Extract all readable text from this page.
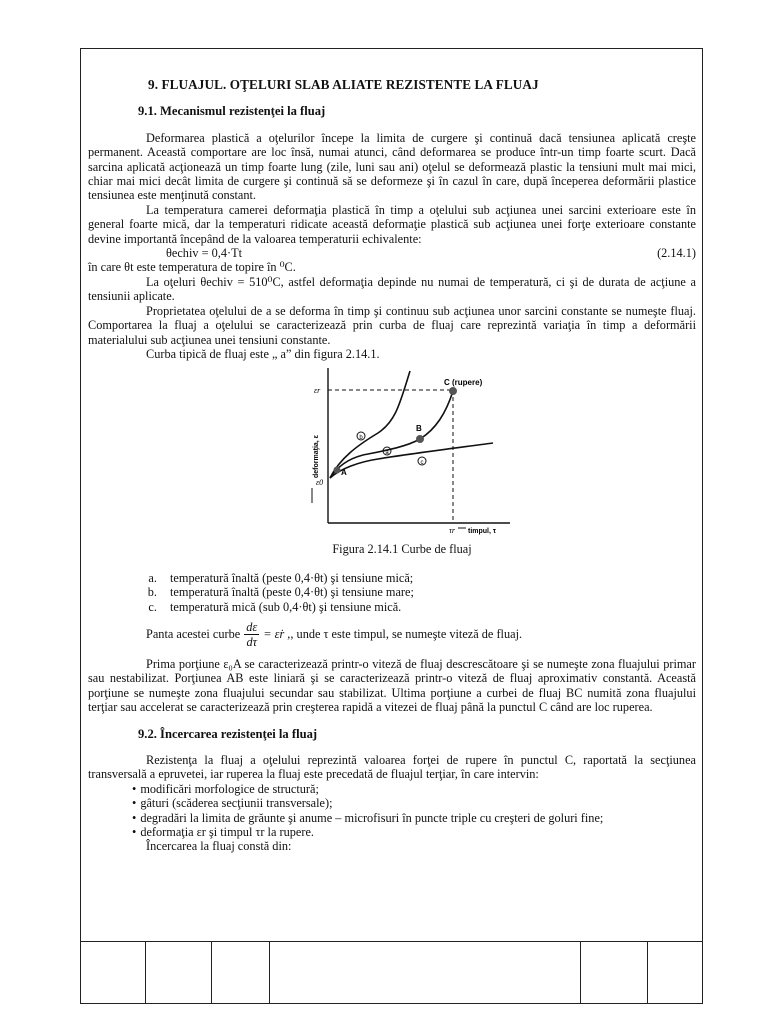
9. FLUAJUL. OŢELURI SLAB ALIATE REZISTENTE LA FLUAJ
9.1. Mecanismul rezistenţei la fluaj

Deformarea plastică a oţelurilor începe la limita de curgere şi continuă dacă tensiunea aplicată creşte permanent. Această comportare are loc însă, numai atunci, când deformarea se produce într-un timp foarte scurt. Dacă sarcina aplicată acţionează un timp foarte lung (zile, luni sau ani) oţelul se deformează plastic la tensiuni mult mai mici, chiar mai mici decât limita de curgere şi continuă să se deformeze şi în cazul în care, după începerea deformării plastice tensiunea este menţinută constant.

La temperatura camerei deformaţia plastică în timp a oţelului sub acţiunea unei sarcini exterioare este în general foarte mică, dar la temperaturi ridicate această deformaţie plastică sub acţiunea unei forţe exterioare constante devine importantă începând de la valoarea temperaturii echivalente:

θechiv = 0,4·Tt	(2.14.1)

în care θt este temperatura de topire în ⁰C.

La oţeluri θechiv = 510⁰C, astfel deformaţia depinde nu numai de temperatură, ci şi de durata de acţiune a tensiunii aplicate.

Proprietatea oţelului de a se deforma în timp şi continuu sub acţiunea unor sarcini constante se numeşte fluaj. Comportarea la fluaj a oţelului se caracterizează prin curba de fluaj care reprezintă variaţia în timp a deformării materialului sub acţiunea unei tensiuni constante.

Curba tipică de fluaj este „ a” din figura 2.14.1.

b
a
c
C (rupere)
B
A
εr
ε0
τr timpul, τ
deformaţia, ε
Figura 2.14.1 Curbe de fluaj
a. temperatură înaltă (peste 0,4·θt) şi tensiune mică;
b. temperatură înaltă (peste 0,4·θt) şi tensiune mare;
c. temperatură mică (sub 0,4·θt) şi tensiune mică.
Panta acestei curbe $\frac{d\varepsilon}{d\tau}$ = ε̇r , , unde τ este timpul, se numeşte viteză de fluaj.

Prima porţiune ε₀A se caracterizează printr-o viteză de fluaj descrescătoare şi se numeşte zona fluajului primar sau nestabilizat. Porţiunea AB este liniară şi se caracterizează printr-o viteză de fluaj aproximativ constantă. Această porţiune se numeşte zona fluajului secundar sau stabilizat. Ultima porţiune a curbei de fluaj BC numită zona fluajului terţiar sau accelerat se caracterizează prin creşterea rapidă a vitezei de fluaj până la punctul C când are loc ruperea.

9.2. Încercarea rezistenţei la fluaj

Rezistenţa la fluaj a oţelului reprezintă valoarea forţei de rupere în punctul C, raportată la secţiunea transversală a epruvetei, iar ruperea la fluaj este precedată de fluajul terţiar, în care intervin:

• modificări morfologice de structură;
• gâturi (scăderea secţiunii transversale);
• degradări la limita de grăunte şi anume – microfisuri în puncte triple cu creşteri de goluri fine;
• deformaţia εr şi timpul τr la rupere.

Încercarea la fluaj constă din:
